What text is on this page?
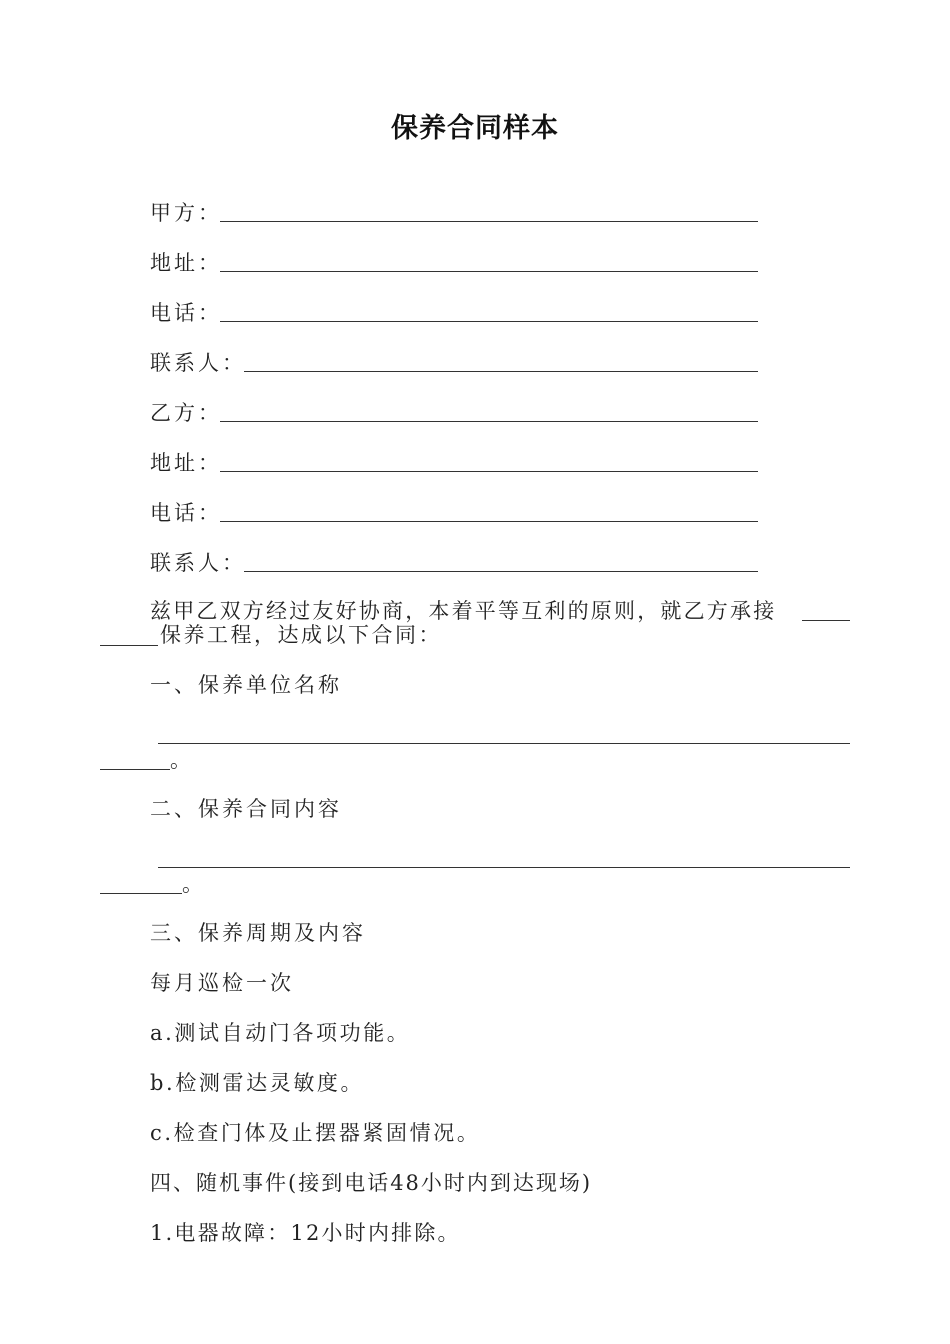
保养合同样本
甲方：
地址：
电话：
联系人：
乙方：
地址：
电话：
联系人：
兹甲乙双方经过友好协商，本着平等互利的原则，就乙方承接
保养工程，达成以下合同：
一、保养单位名称
。
二、保养合同内容
。
三、保养周期及内容
每月巡检一次
a.测试自动门各项功能。
b.检测雷达灵敏度。
c.检查门体及止摆器紧固情况。
四、随机事件(接到电话48小时内到达现场)
1.电器故障：12小时内排除。
